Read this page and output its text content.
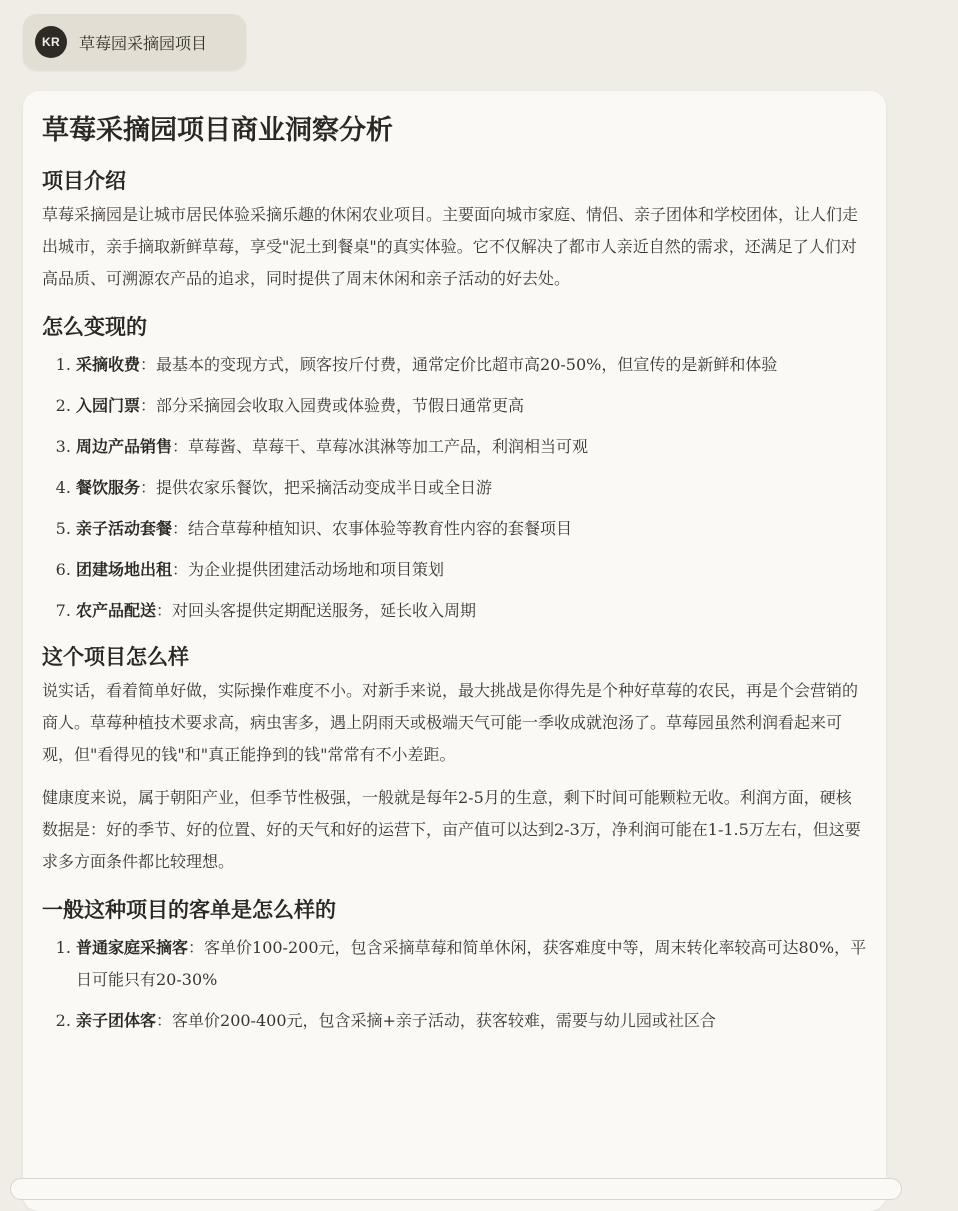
KR	草莓园采摘园项目
草莓采摘园项目商业洞察分析
项目介绍

草莓采摘园是让城市居民体验采摘乐趣的休闲农业项目。主要面向城市家庭、情侣、亲子团体和学校团体，让人们走出城市，亲手摘取新鲜草莓，享受"泥土到餐桌"的真实体验。它不仅解决了都市人亲近自然的需求，还满足了人们对高品质、可溯源农产品的追求，同时提供了周末休闲和亲子活动的好去处。

怎么变现的
1. 采摘收费：最基本的变现方式，顾客按斤付费，通常定价比超市高20-50%，但宣传的是新鲜和体验
2. 入园门票：部分采摘园会收取入园费或体验费，节假日通常更高
3. 周边产品销售：草莓酱、草莓干、草莓冰淇淋等加工产品，利润相当可观
4. 餐饮服务：提供农家乐餐饮，把采摘活动变成半日或全日游
5. 亲子活动套餐：结合草莓种植知识、农事体验等教育性内容的套餐项目
6. 团建场地出租：为企业提供团建活动场地和项目策划
7. 农产品配送：对回头客提供定期配送服务，延长收入周期
这个项目怎么样

说实话，看着简单好做，实际操作难度不小。对新手来说，最大挑战是你得先是个种好草莓的农民，再是个会营销的商人。草莓种植技术要求高，病虫害多，遇上阴雨天或极端天气可能一季收成就泡汤了。草莓园虽然利润看起来可观，但"看得见的钱"和"真正能挣到的钱"常常有不小差距。

健康度来说，属于朝阳产业，但季节性极强，一般就是每年2-5月的生意，剩下时间可能颗粒无收。利润方面，硬核数据是：好的季节、好的位置、好的天气和好的运营下，亩产值可以达到2-3万，净利润可能在1-1.5万左右，但这要求多方面条件都比较理想。

一般这种项目的客单是怎么样的
1. 普通家庭采摘客：客单价100-200元，包含采摘草莓和简单休闲，获客难度中等，周末转化率较高可达80%，平日可能只有20-30%
2. 亲子团体客：客单价200-400元，包含采摘+亲子活动，获客较难，需要与幼儿园或社区合
